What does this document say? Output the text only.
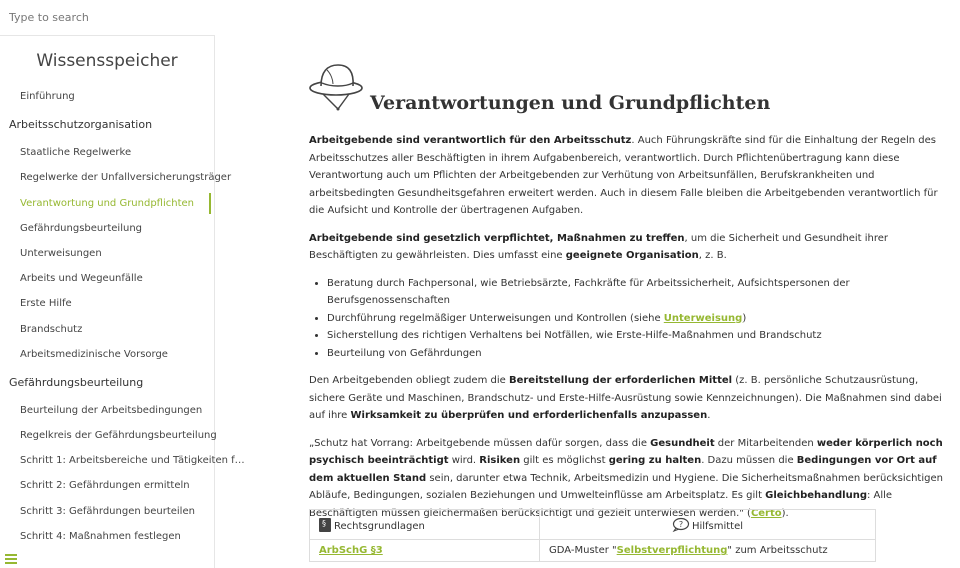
Type to search
Wissensspeicher
Einführung
Arbeitsschutzorganisation
Staatliche Regelwerke
Regelwerke der Unfallversicherungsträger
Verantwortung und Grundpflichten
Gefährdungsbeurteilung
Unterweisungen
Arbeits und Wegeunfälle
Erste Hilfe
Brandschutz
Arbeitsmedizinische Vorsorge
Gefährdungsbeurteilung
Beurteilung der Arbeitsbedingungen
Regelkreis der Gefährdungsbeurteilung
Schritt 1: Arbeitsbereiche und Tätigkeiten f…
Schritt 2: Gefährdungen ermitteln
Schritt 3: Gefährdungen beurteilen
Schritt 4: Maßnahmen festlegen
Verantwortungen und Grundpflichten

Arbeitgebende sind verantwortlich für den Arbeitsschutz. Auch Führungskräfte sind für die Einhaltung der Regeln des Arbeitsschutzes aller Beschäftigten in ihrem Aufgabenbereich, verantwortlich. Durch Pflichtenübertragung kann diese Verantwortung auch um Pflichten der Arbeitgebenden zur Verhütung von Arbeitsunfällen, Berufskrankheiten und arbeitsbedingten Gesundheitsgefahren erweitert werden. Auch in diesem Falle bleiben die Arbeitgebenden verantwortlich für die Aufsicht und Kontrolle der übertragenen Aufgaben.

Arbeitgebende sind gesetzlich verpflichtet, Maßnahmen zu treffen, um die Sicherheit und Gesundheit ihrer Beschäftigten zu gewährleisten. Dies umfasst eine geeignete Organisation, z. B.

• Beratung durch Fachpersonal, wie Betriebsärzte, Fachkräfte für Arbeitssicherheit, Aufsichtspersonen der Berufsgenossenschaften
• Durchführung regelmäßiger Unterweisungen und Kontrollen (siehe Unterweisung)
• Sicherstellung des richtigen Verhaltens bei Notfällen, wie Erste-Hilfe-Maßnahmen und Brandschutz
• Beurteilung von Gefährdungen

Den Arbeitgebenden obliegt zudem die Bereitstellung der erforderlichen Mittel (z. B. persönliche Schutzausrüstung, sichere Geräte und Maschinen, Brandschutz- und Erste-Hilfe-Ausrüstung sowie Kennzeichnungen). Die Maßnahmen sind dabei auf ihre Wirksamkeit zu überprüfen und erforderlichenfalls anzupassen.

„Schutz hat Vorrang: Arbeitgebende müssen dafür sorgen, dass die Gesundheit der Mitarbeitenden weder körperlich noch psychisch beeinträchtigt wird. Risiken gilt es möglichst gering zu halten. Dazu müssen die Bedingungen vor Ort auf dem aktuellen Stand sein, darunter etwa Technik, Arbeitsmedizin und Hygiene. Die Sicherheitsmaßnahmen berücksichtigen Abläufe, Bedingungen, sozialen Beziehungen und Umwelteinflüsse am Arbeitsplatz. Es gilt Gleichbehandlung: Alle Beschäftigten müssen gleichermaßen berücksichtigt und gezielt unterwiesen werden." (Certo).

§
Rechtsgrundlagen	? Hilfsmittel

ArbSchG §3	GDA-Muster "Selbstverpflichtung" zum Arbeitsschutz
